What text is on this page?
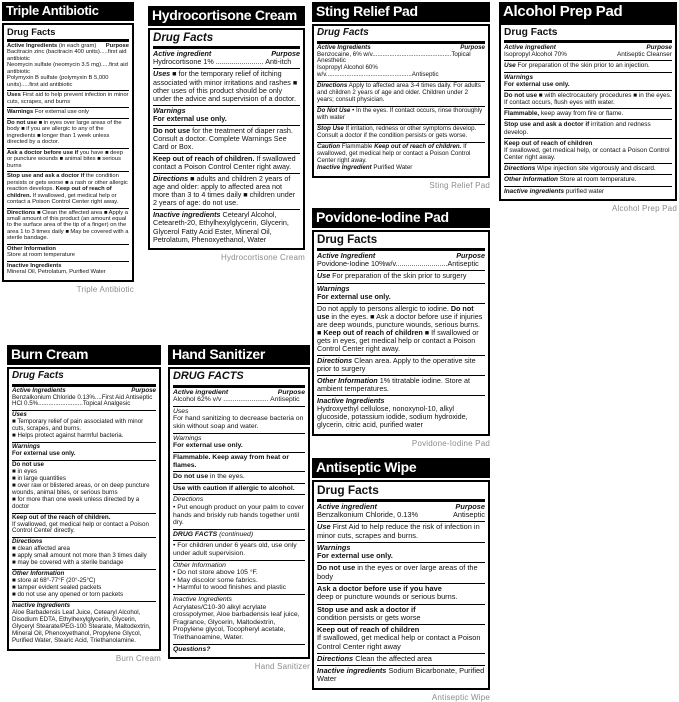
Triple Antibiotic
Drug Facts
Active Ingredients (in each gram) Purpose
Bacitracin zinc (bacitracin 400 units).....first aid antibiotic
Neomycin sulfate (neomycin 3.5 mg).....first aid antibiotic
Polymyxin B sulfate (polymyxin B 5,000 units).....first aid antibiotic
Uses First aid to help prevent infection in minor cuts, scrapes, and burns
Warnings For external use only
Do not use ■ in eyes over large areas of the body ■ if you are allergic to any of the ingredients ■ longer than 1 week unless directed by a doctor.
Ask a doctor before use if you have ■ deep or puncture wounds ■ animal bites ■ serious burns
Stop use and ask a doctor if the condition persists or gets worse ■ a rash or other allergic reaction develops. Keep out of reach of children. If swallowed, get medical help or contact a Poison Control Center right away.
Directions ■ Clean the affected area ■ Apply a small amount of this product (an amount equal to the surface area of the tip of a finger) on the area 1 to 3 times daily ■ May be covered with a sterile bandage.
Other Information
Store at room temperature
Inactive Ingredients
Mineral Oil, Petrolatum, Purified Water
Triple Antibiotic
Hydrocortisone Cream
Drug Facts
Active ingredient	Purpose
Hydrocortisone 1% ........................ Anti-itch
Uses ■ for the temporary relief of itching associated with minor irritations and rashes ■ other uses of this product should be only under the advice and supervision of a doctor.
Warnings
For external use only.
Do not use for the treatment of diaper rash. Consult a doctor. Complete Warnings See Card or Box.
Keep out of reach of children. If swallowed contact a Poison Control Center right away.
Directions ■ adults and children 2 years of age and older: apply to affected area not more than 3 to 4 times daily ■ children under 2 years of age: do not use.
Inactive ingredients Cetearyl Alcohol, Ceteareth-20, Ethylhexylglycerin, Glycerin, Glycerol Fatty Acid Ester, Mineral Oil, Petrolatum, Phenoxyethanol, Water
Hydrocortisone Cream
Sting Relief Pad
Drug Facts
Active Ingredients	Purpose
Benzocaine, 6% w/v..............................................Topical Anesthetic
Isopropyl Alcohol 60% w/v..................................................Antiseptic
Directions Apply to affected area 3-4 times daily. For adults and children 2 years of age and older. Children under 2 years; consult physician.
Do Not Use • In the eyes. If contact occurs, rinse thoroughly with water
Stop Use If irritation, redness or other symptoms develop. Consult a doctor if the condition persists or gets worse.
Caution Flammable Keep out of reach of children. If swallowed, get medical help or contact a Poison Control Center right away.
Inactive Ingredient Purified Water
Sting Relief Pad
Alcohol Prep Pad
Drug Facts
Active ingredient	Purpose
Isopropyl Alcohol 70%	Antiseptic Cleanser
Use For preparation of the skin prior to an injection.
Warnings
For external use only.
Do not use ■ with electrocautery procedures ■ in the eyes. If contact occurs, flush eyes with water.
Flammable, keep away from fire or flame.
Stop use and ask a doctor if irritation and redness develop.
Keep out of reach of children
If swallowed, get medical help, or contact a Poison Control Center right away.
Directions Wipe injection site vigorously and discard.
Other Information Store at room temperature.
Inactive ingredients purified water
Alcohol Prep Pad
Burn Cream
Drug Facts
Active Ingredients	Purpose
Benzalkonium Chloride 0.13%....First Aid Antiseptic
HCl 0.5%..........................Topical Analgesic
Uses
■ Temporary relief of pain associated with minor cuts, scrapes, and burns.
■ Helps protect against harmful bacteria.
Warnings
For external use only.
Do not use
■ in eyes
■ in large quantities
■ over raw or blistered areas, or on deep puncture wounds, animal bites, or serious burns
■ for more than one week unless directed by a doctor
Keep out of the reach of children.
If swallowed, get medical help or contact a Poison Control Center directly.
Directions
■ clean affected area
■ apply small amount not more than 3 times daily
■ may be covered with a sterile bandage
Other Information
■ store at 68°-77°F (20°-25°C)
■ tamper evident sealed packets
■ do not use any opened or torn packets
Inactive Ingredients
Aloe Barbadensis Leaf Juice, Cetearyl Alcohol, Disodium EDTA, Ethylhexylglycerin, Glycerin, Glyceryl Stearate/PEG-100 Stearate, Maltodextrin, Mineral Oil, Phenoxyethanol, Propylene Glycol, Purified Water, Stearic Acid, Triethanolamine.
Burn Cream
Hand Sanitizer
DRUG FACTS
Active ingredient	Purpose
Alcohol 62% v/v ........................ Antiseptic
Uses
For hand sanitizing to decrease bacteria on skin without soap and water.
Warnings
For external use only.
Flammable. Keep away from heat or flames.
Do not use in the eyes.
Use with caution if allergic to alcohol.
Directions
• Put enough product on your palm to cover hands and briskly rub hands together until dry.
DRUG FACTS (continued)
• For children under 6 years old, use only under adult supervision.
Other Information
• Do not store above 105 °F.
• May discolor some fabrics.
• Harmful to wood finishes and plastic
Inactive Ingredients
Acrylates/C10-30 alkyl acrylate crosspolymer, Aloe barbadensis leaf juice, Fragrance, Glycerin, Maltodextrin, Propylene glycol, Tocopheryl acetate, Triethanoamine, Water.
Questions?
Hand Sanitizer
Povidone-Iodine Pad
Drug Facts
Active Ingredient	Purpose
Povidone-Iodine 10%w/v..........................Antiseptic
Use For preparation of the skin prior to surgery
Warnings
For external use only.
Do not apply to persons allergic to iodine. Do not use in the eyes. ■ Ask a doctor before use if injuries are deep wounds, puncture wounds, serious burns. ■ Keep out of reach of children ■ If swallowed or gets in eyes, get medical help or contact a Poison Control Center right away.
Directions Clean area. Apply to the operative site prior to surgery
Other Information 1% titratable iodine. Store at ambient temperatures.
Inactive Ingredients
Hydroxyethyl cellulose, nonoxynol-10, alkyl glucoside, potassium iodide, sodium hydroxide, glycerin, citric acid, purified water
Povidone-Iodine Pad
Antiseptic Wipe
Drug Facts
Active ingredient	Purpose
Benzalkonium Chloride, 0.13%	Antiseptic
Use First Aid to help reduce the risk of infection in minor cuts, scrapes and burns.
Warnings
For external use only.
Do not use in the eyes or over large areas of the body
Ask a doctor before use if you have
deep or puncture wounds or serious burns.
Stop use and ask a doctor if
condition persists or gets worse
Keep out of reach of children
If swallowed, get medical help or contact a Poison Control Center right away
Directions Clean the affected area
Inactive ingredients Sodium Bicarbonate, Purified Water
Antiseptic Wipe
